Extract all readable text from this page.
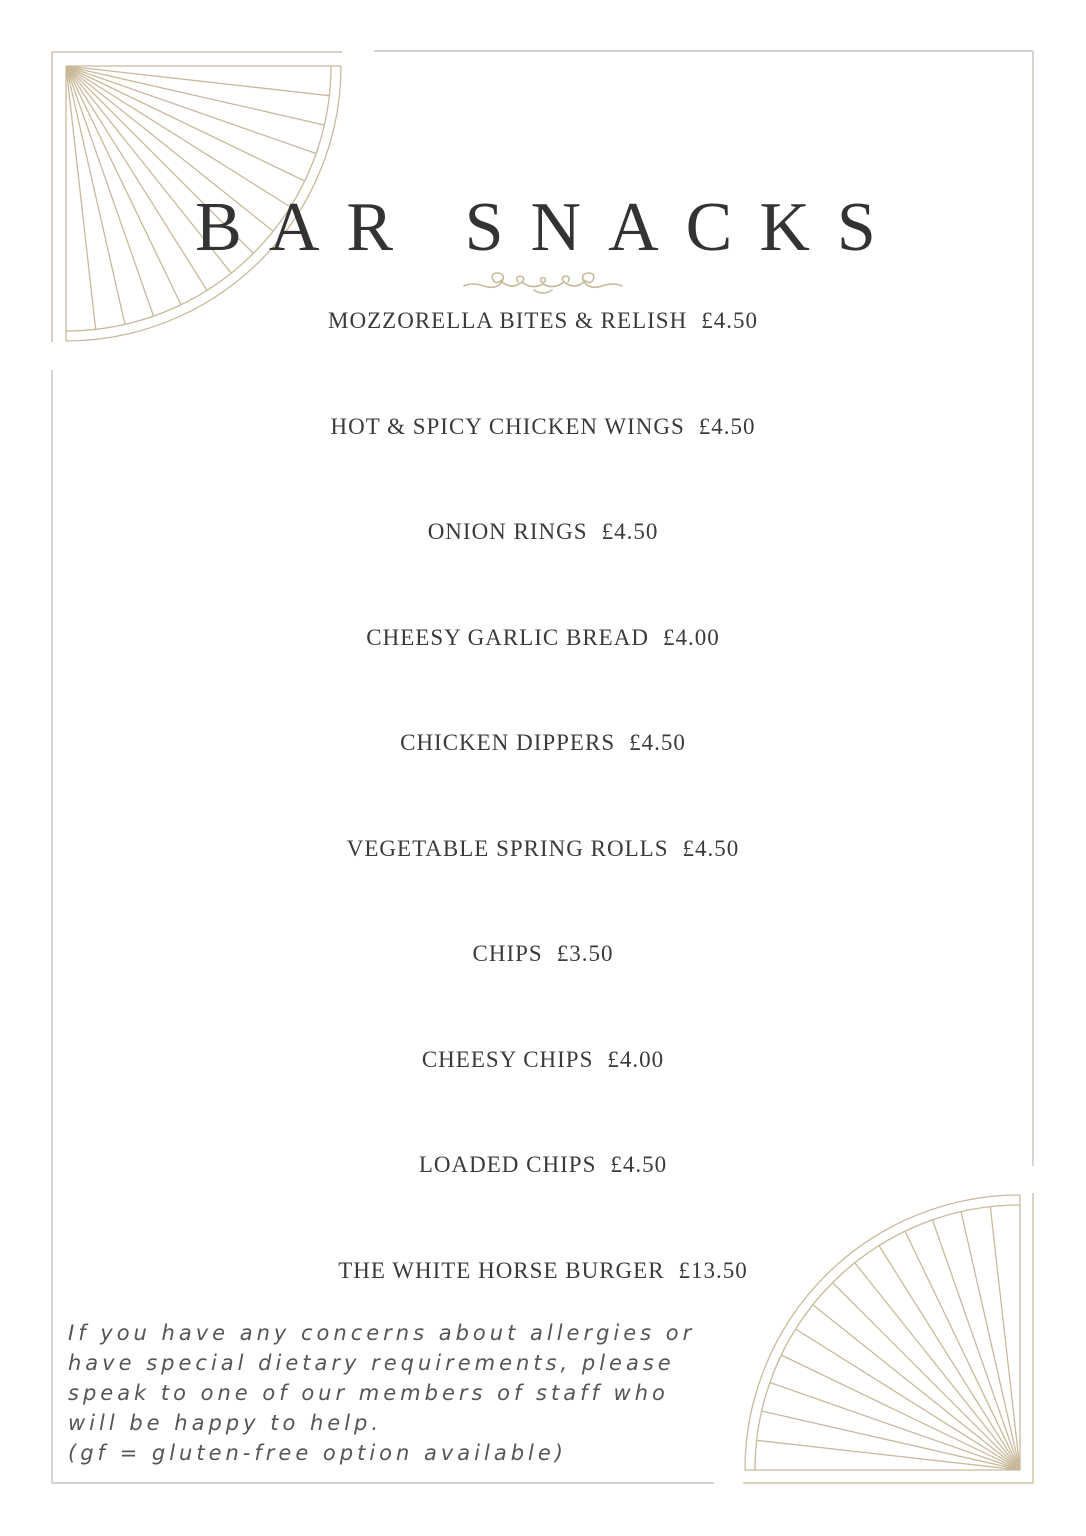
BAR SNACKS
MOZZORELLA BITES & RELISH £4.50
HOT & SPICY CHICKEN WINGS £4.50
ONION RINGS £4.50
CHEESY GARLIC BREAD £4.00
CHICKEN DIPPERS £4.50
VEGETABLE SPRING ROLLS £4.50
CHIPS £3.50
CHEESY CHIPS £4.00
LOADED CHIPS £4.50
THE WHITE HORSE BURGER £13.50
If you have any concerns about allergies or
have special dietary requirements, please
speak to one of our members of staff who
will be happy to help.
(gf = gluten-free option available)
